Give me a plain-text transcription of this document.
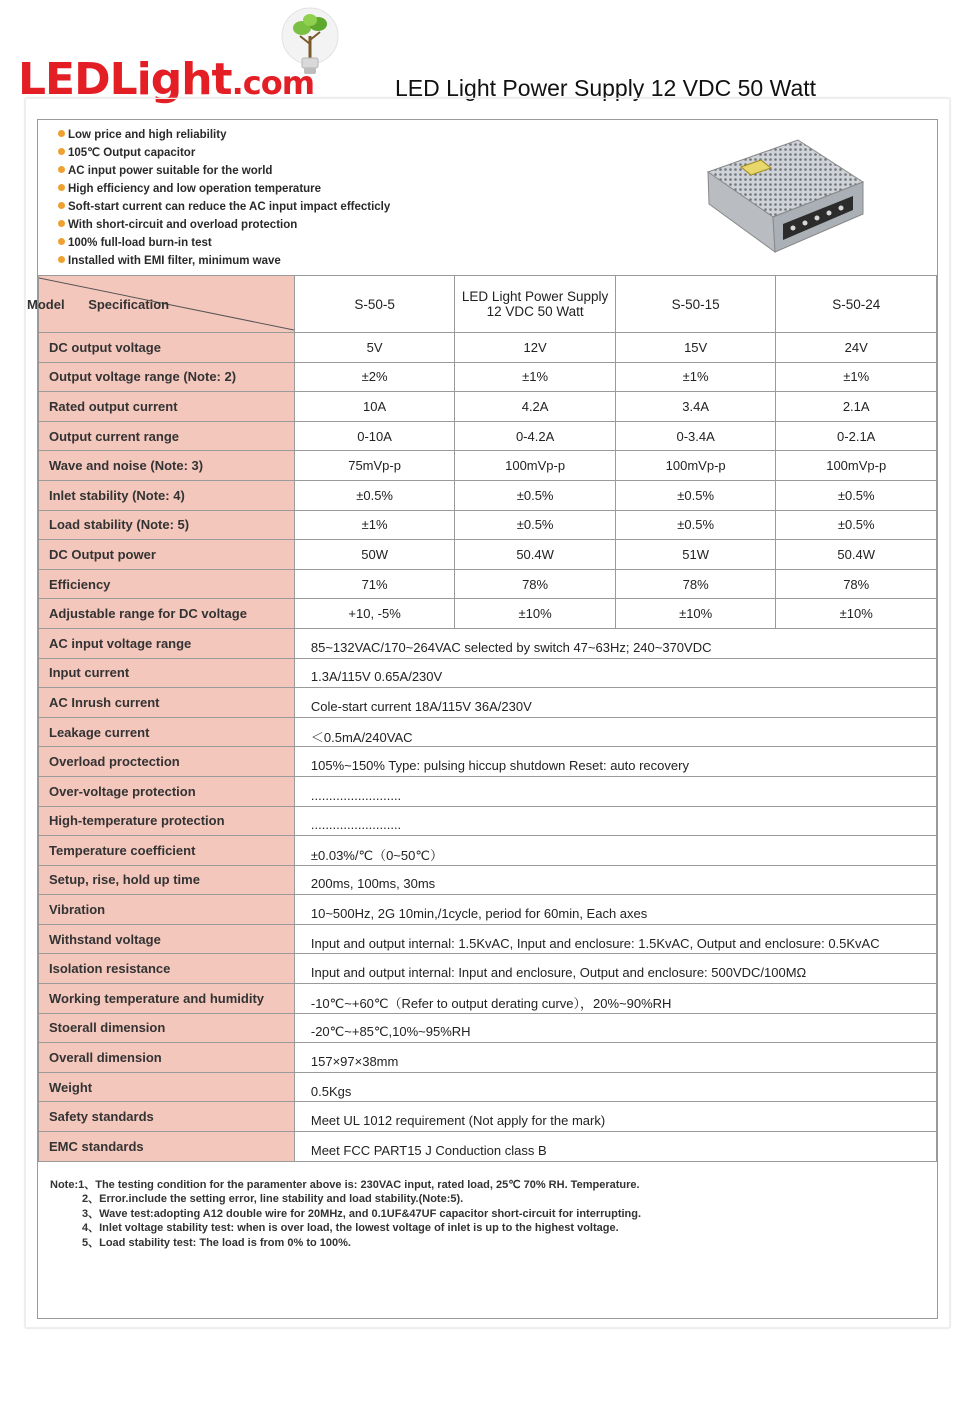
LEDLight.com	LED Light Power Supply 12 VDC 50 Watt
Low price and high reliability
105℃ Output capacitor
AC input power suitable for the world
High efficiency and low operation temperature
Soft-start current can reduce the AC input impact effecticly
With short-circuit and overload protection
100% full-load burn-in test
Installed with EMI filter, minimum wave
Model Specification	S-50-5	LED Light Power Supply 12 VDC 50 Watt	S-50-15	S-50-24
DC output voltage	5V	12V	15V	24V
Output voltage range (Note: 2)	±2%	±1%	±1%	±1%
Rated output current	10A	4.2A	3.4A	2.1A
Output current range	0-10A	0-4.2A	0-3.4A	0-2.1A
Wave and noise (Note: 3)	75mVp-p	100mVp-p	100mVp-p	100mVp-p
Inlet stability (Note: 4)	±0.5%	±0.5%	±0.5%	±0.5%
Load stability (Note: 5)	±1%	±0.5%	±0.5%	±0.5%
DC Output power	50W	50.4W	51W	50.4W
Efficiency	71%	78%	78%	78%
Adjustable range for DC voltage	+10, -5%	±10%	±10%	±10%
AC input voltage range	85~132VAC/170~264VAC selected by switch 47~63Hz; 240~370VDC			
Input current	1.3A/115V 0.65A/230V			
AC Inrush current	Cole-start current 18A/115V 36A/230V			
Leakage current	＜0.5mA/240VAC			
Overload proctection	105%~150% Type: pulsing hiccup shutdown Reset: auto recovery			
Over-voltage protection	.........................			
High-temperature protection	.........................			
Temperature coefficient	±0.03%/℃（0~50℃）			
Setup, rise, hold up time	200ms, 100ms, 30ms			
Vibration	10~500Hz, 2G 10min,/1cycle, period for 60min, Each axes			
Withstand voltage	Input and output internal: 1.5KvAC, Input and enclosure: 1.5KvAC, Output and enclosure: 0.5KvAC			
Isolation resistance	Input and output internal: Input and enclosure, Output and enclosure: 500VDC/100MΩ			
Working temperature and humidity	-10℃~+60℃（Refer to output derating curve），20%~90%RH			
Stoerall dimension	-20℃~+85℃,10%~95%RH			
Overall dimension	157×97×38mm			
Weight	0.5Kgs			
Safety standards	Meet UL 1012 requirement (Not apply for the mark)			
EMC standards	Meet FCC PART15 J Conduction class B			
Note:1、The testing condition for the paramenter above is: 230VAC input, rated load, 25℃ 70% RH. Temperature.
2、Error.include the setting error, line stability and load stability.(Note:5).
3、Wave test:adopting A12 double wire for 20MHz, and 0.1UF&47UF capacitor short-circuit for interrupting.
4、Inlet voltage stability test: when is over load, the lowest voltage of inlet is up to the highest voltage.
5、Load stability test: The load is from 0% to 100%.
